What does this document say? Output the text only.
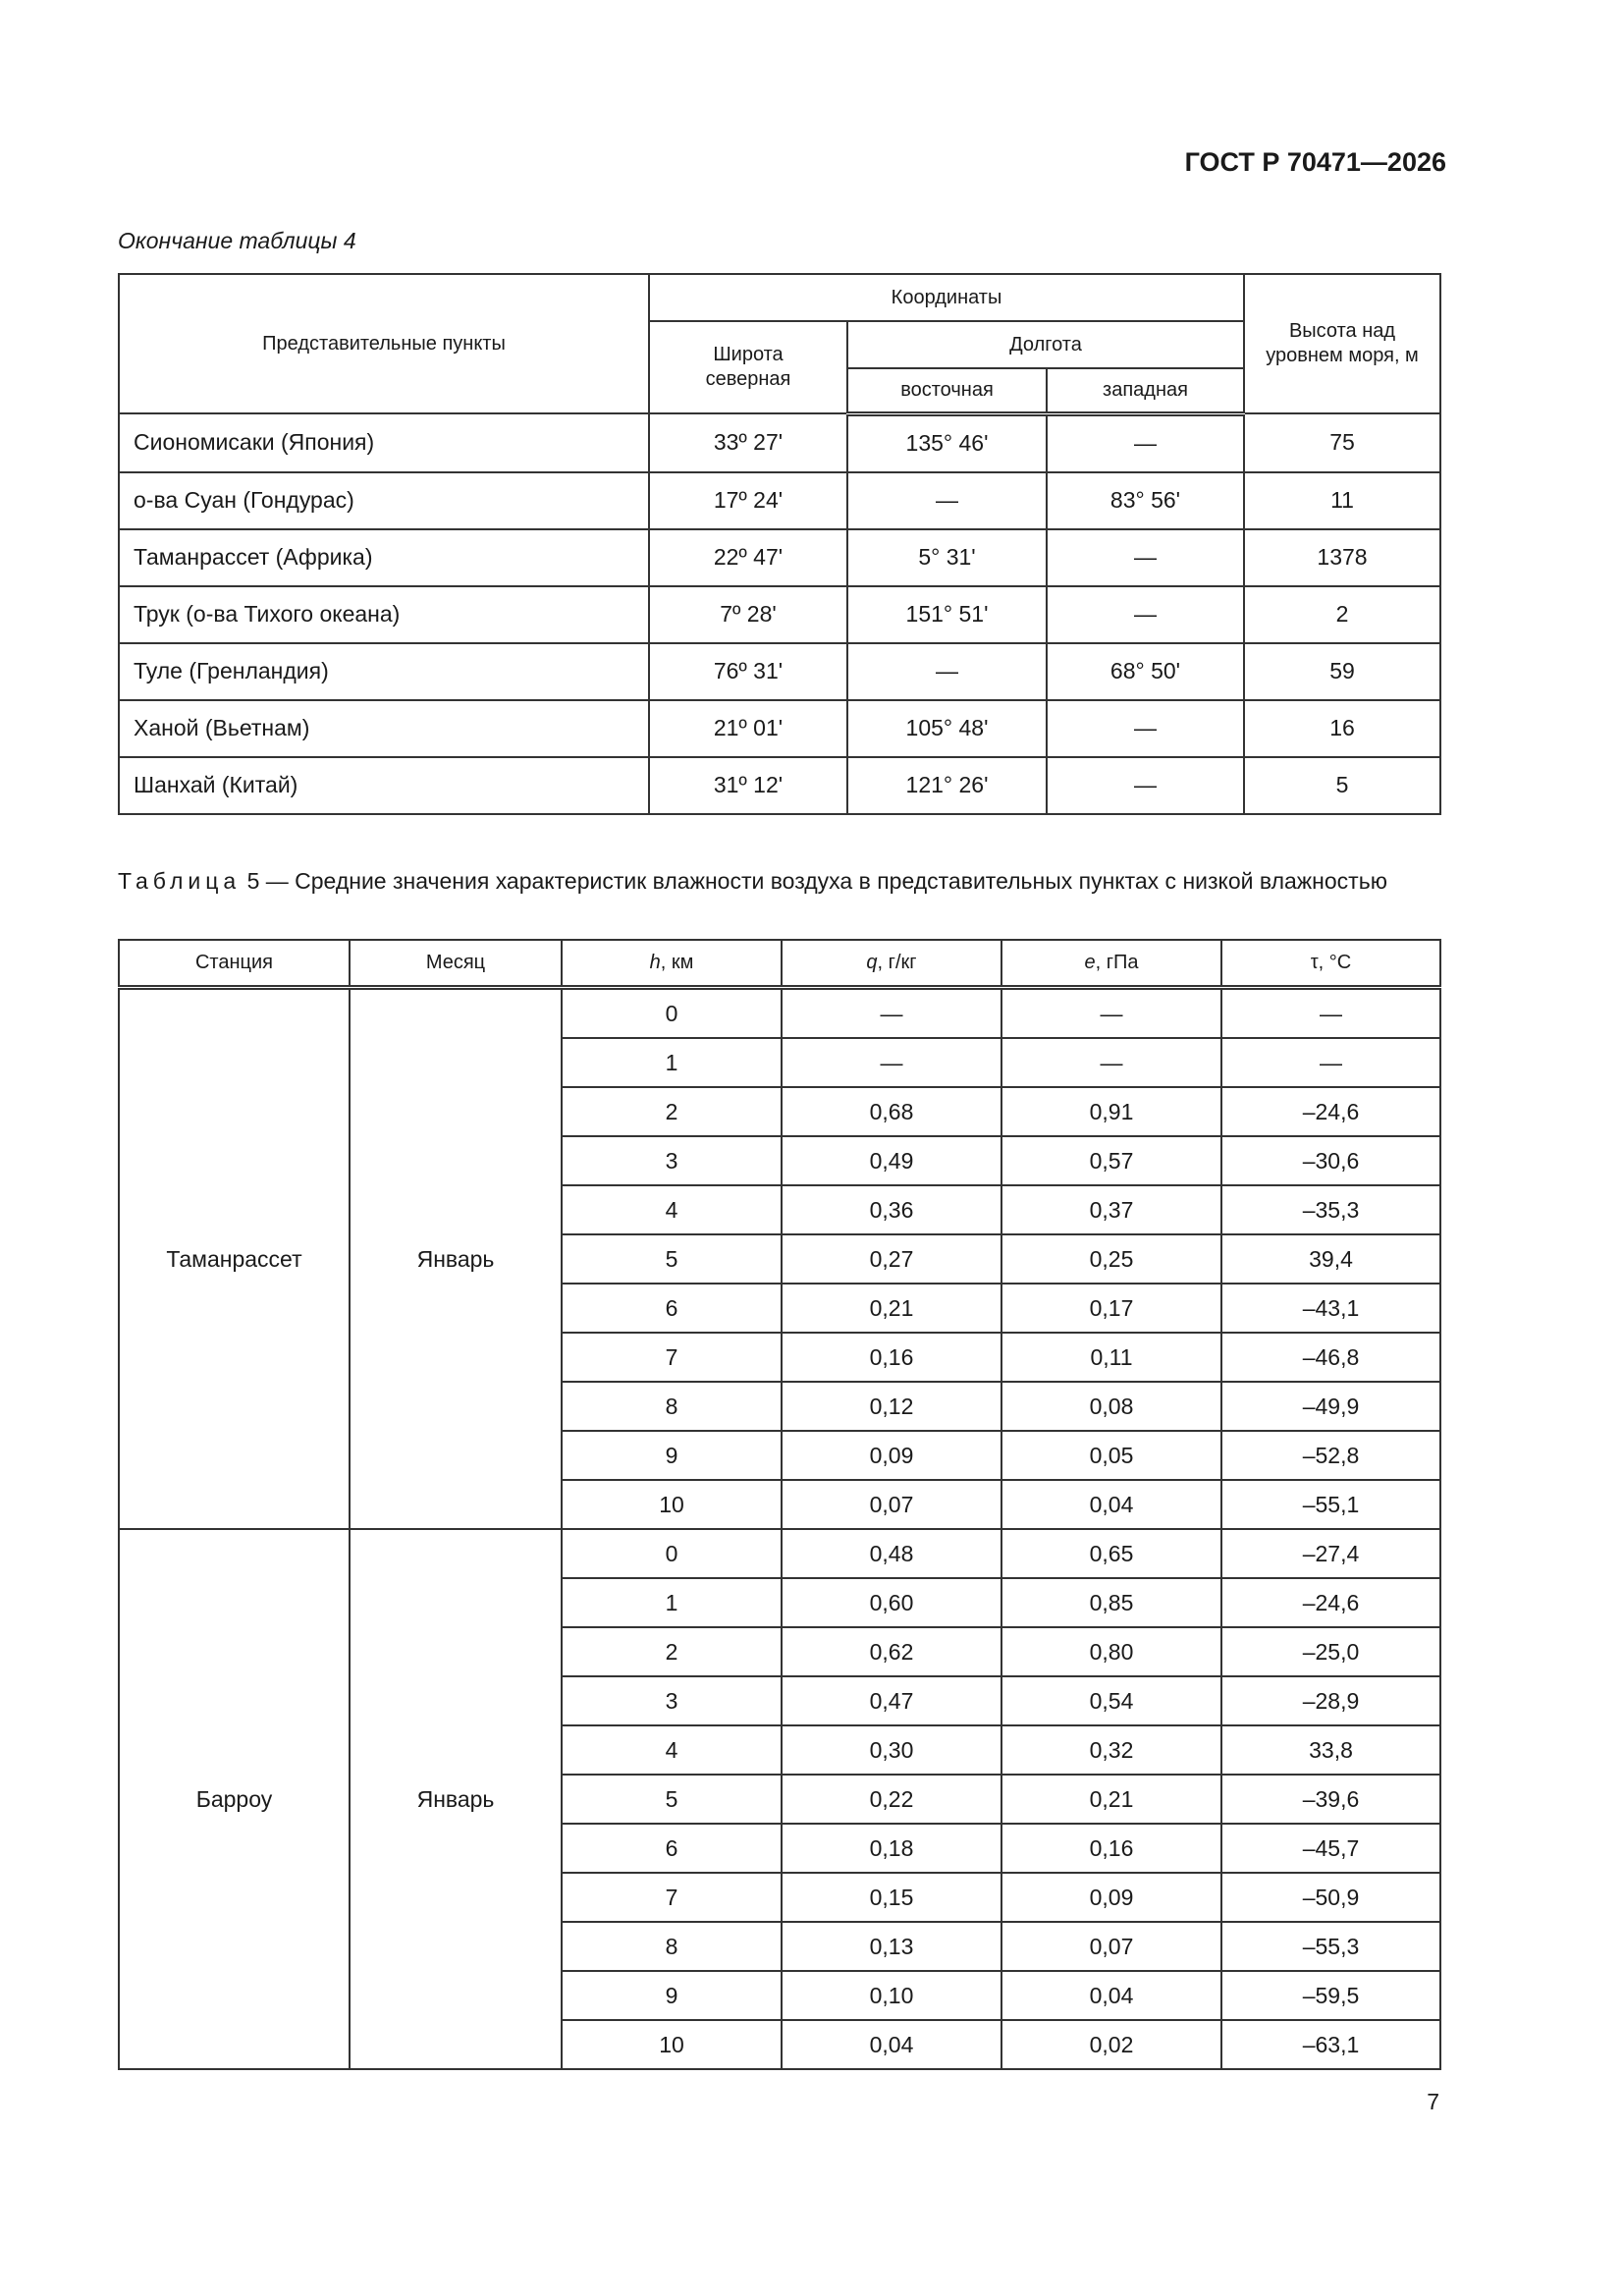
ГОСТ Р 70471—2026
Окончание таблицы 4
Представительные пункты	Координаты			Высота над уровнем моря, м
	Широта северная	Долгота		
		восточная	западная	
Сиономисаки (Япония)	33º 27'	135° 46'	—	75
о-ва Суан (Гондурас)	17º 24'	—	83° 56'	11
Таманрассет (Африка)	22º 47'	5° 31'	—	1378
Трук (о-ва Тихого океана)	7º 28'	151° 51'	—	2
Туле (Гренландия)	76º 31'	—	68° 50'	59
Ханой (Вьетнам)	21º 01'	105° 48'	—	16
Шанхай (Китай)	31º 12'	121° 26'	—	5
Таблица 5 — Средние значения характеристик влажности воздуха в представительных пунктах с низкой влажностью
Станция	Месяц	h, км	q, г/кг	e, гПа	τ, °С
Таманрассет	Январь	0	—	—	—
		1	—	—	—
		2	0,68	0,91	–24,6
		3	0,49	0,57	–30,6
		4	0,36	0,37	–35,3
		5	0,27	0,25	39,4
		6	0,21	0,17	–43,1
		7	0,16	0,11	–46,8
		8	0,12	0,08	–49,9
		9	0,09	0,05	–52,8
		10	0,07	0,04	–55,1
Барроу	Январь	0	0,48	0,65	–27,4
		1	0,60	0,85	–24,6
		2	0,62	0,80	–25,0
		3	0,47	0,54	–28,9
		4	0,30	0,32	33,8
		5	0,22	0,21	–39,6
		6	0,18	0,16	–45,7
		7	0,15	0,09	–50,9
		8	0,13	0,07	–55,3
		9	0,10	0,04	–59,5
		10	0,04	0,02	–63,1
7
